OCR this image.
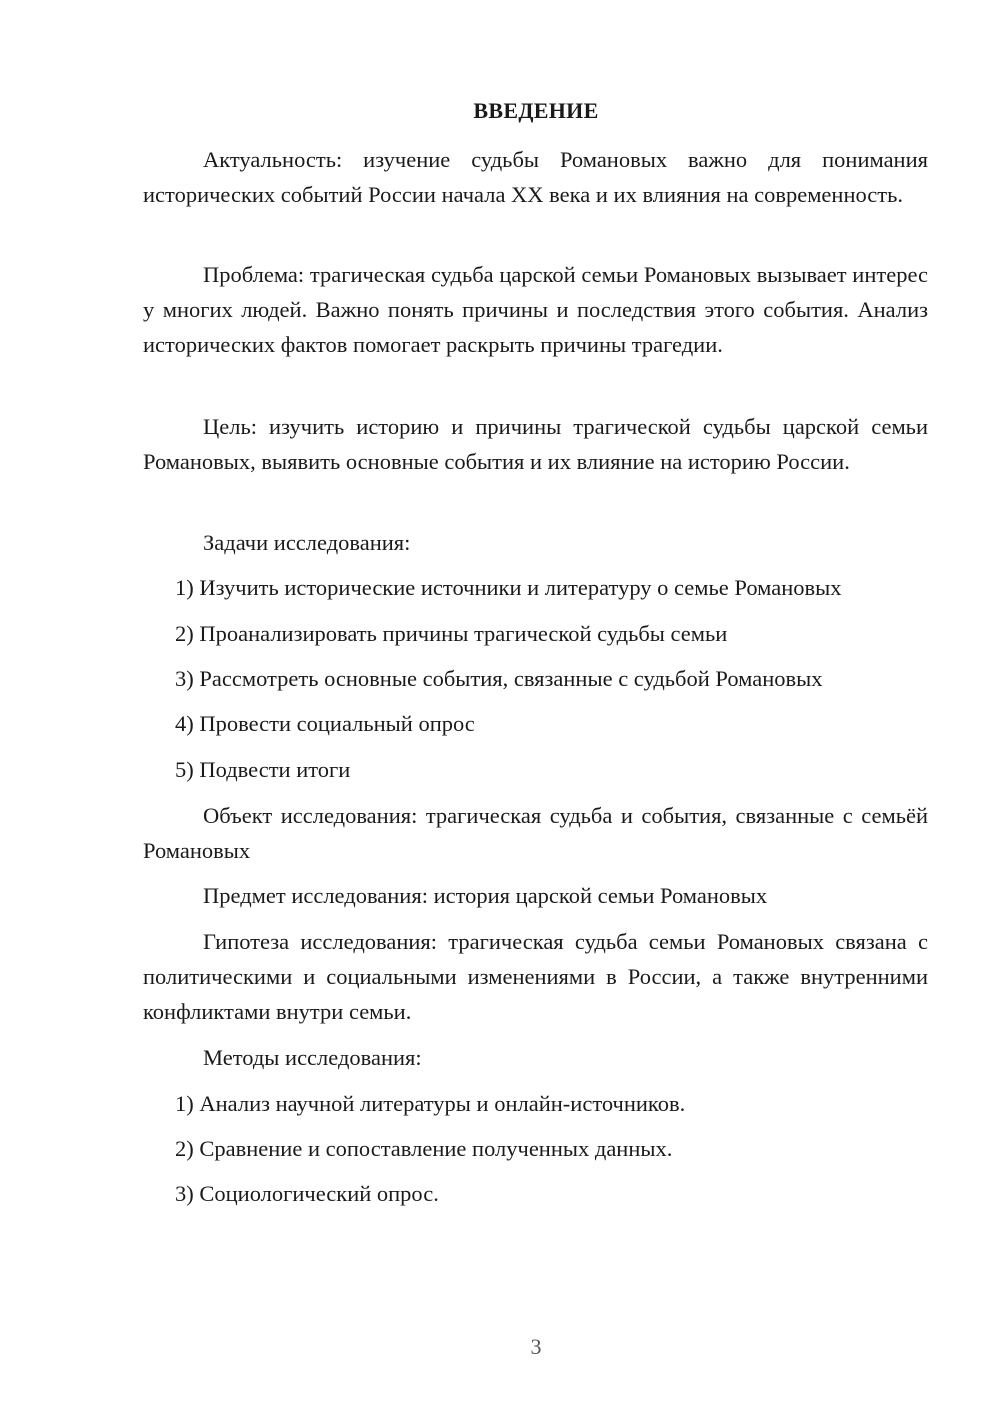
ВВЕДЕНИЕ

Актуальность: изучение судьбы Романовых важно для понимания исторических событий России начала XX века и их влияния на современность.

Проблема: трагическая судьба царской семьи Романовых вызывает интерес у многих людей. Важно понять причины и последствия этого события. Анализ исторических фактов помогает раскрыть причины трагедии.

Цель: изучить историю и причины трагической судьбы царской семьи Романовых, выявить основные события и их влияние на историю России.

Задачи исследования:

1) Изучить исторические источники и литературу о семье Романовых

2) Проанализировать причины трагической судьбы семьи

3) Рассмотреть основные события, связанные с судьбой Романовых

4) Провести социальный опрос

5) Подвести итоги

Объект исследования: трагическая судьба и события, связанные с семьёй Романовых

Предмет исследования: история царской семьи Романовых

Гипотеза исследования: трагическая судьба семьи Романовых связана с политическими и социальными изменениями в России, а также внутренними конфликтами внутри семьи.

Методы исследования:

1) Анализ научной литературы и онлайн-источников.

2) Сравнение и сопоставление полученных данных.

3) Социологический опрос.

3
